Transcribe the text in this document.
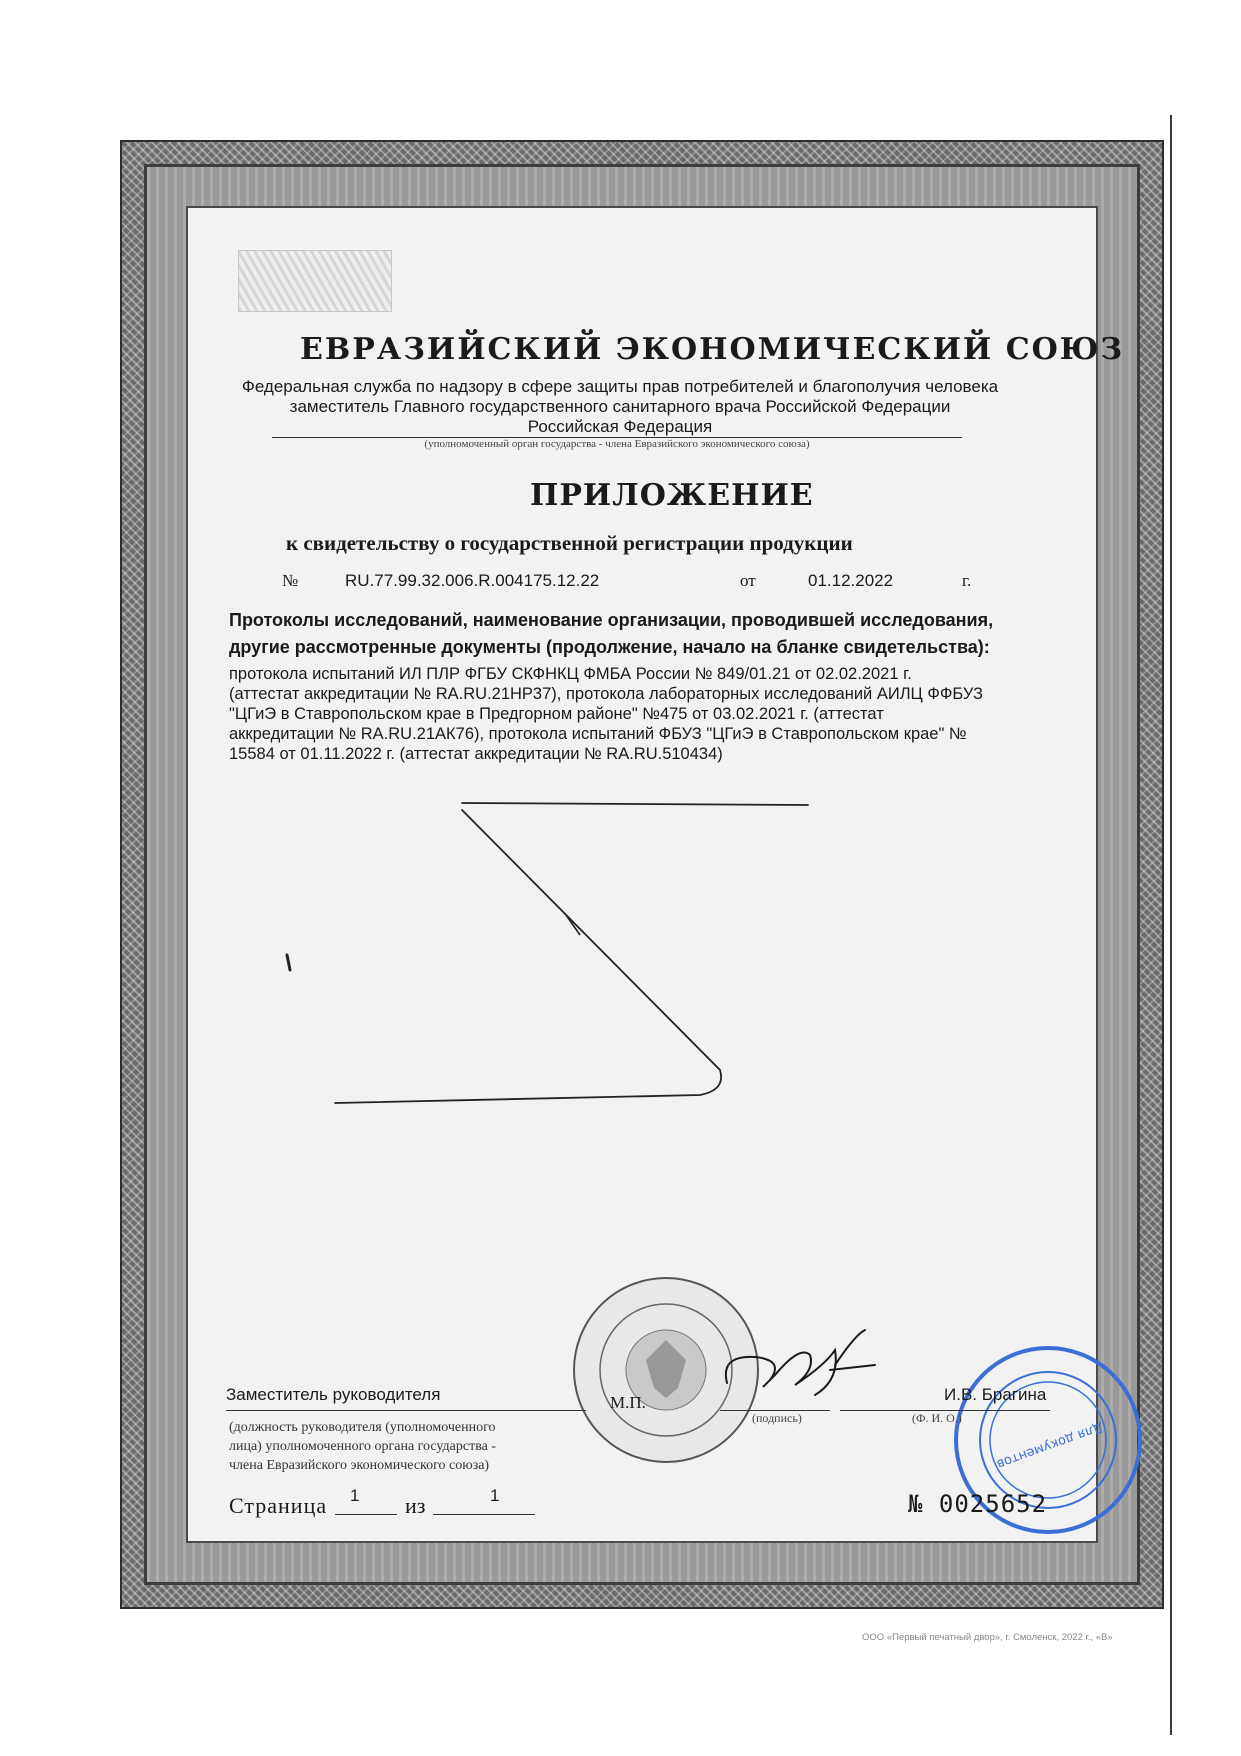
ЕВРАЗИЙСКИЙ ЭКОНОМИЧЕСКИЙ СОЮЗ
Федеральная служба по надзору в сфере защиты прав потребителей и благополучия человека
заместитель Главного государственного санитарного врача Российской Федерации
Российская Федерация
(уполномоченный орган государства - члена Евразийского экономического союза)
ПРИЛОЖЕНИЕ
к свидетельству о государственной регистрации продукции
№	RU.77.99.32.006.R.004175.12.22	от	01.12.2022	г.
Протоколы исследований, наименование организации, проводившей исследования,
другие рассмотренные документы (продолжение, начало на бланке свидетельства):
протокола испытаний ИЛ ПЛР ФГБУ СКФНКЦ ФМБА России № 849/01.21 от 02.02.2021 г.
(аттестат аккредитации № RA.RU.21НР37), протокола лабораторных исследований АИЛЦ ФФБУЗ
"ЦГиЭ в Ставропольском крае в Предгорном районе" №475 от 03.02.2021 г. (аттестат
аккредитации № RA.RU.21АК76), протокола испытаний ФБУЗ "ЦГиЭ в Ставропольском крае" №
15584 от 01.11.2022 г. (аттестат аккредитации № RA.RU.510434)
Для документов
Заместитель руководителя	М.П.	И.В. Брагина
(подпись)	(Ф. И. О.)
(должность руководителя (уполномоченного
лица) уполномоченного органа государства -
члена Евразийского экономического союза)
Страница 1 из	1	№ 0025652
ООО «Первый печатный двор», г. Смоленск, 2022 г., «В»
